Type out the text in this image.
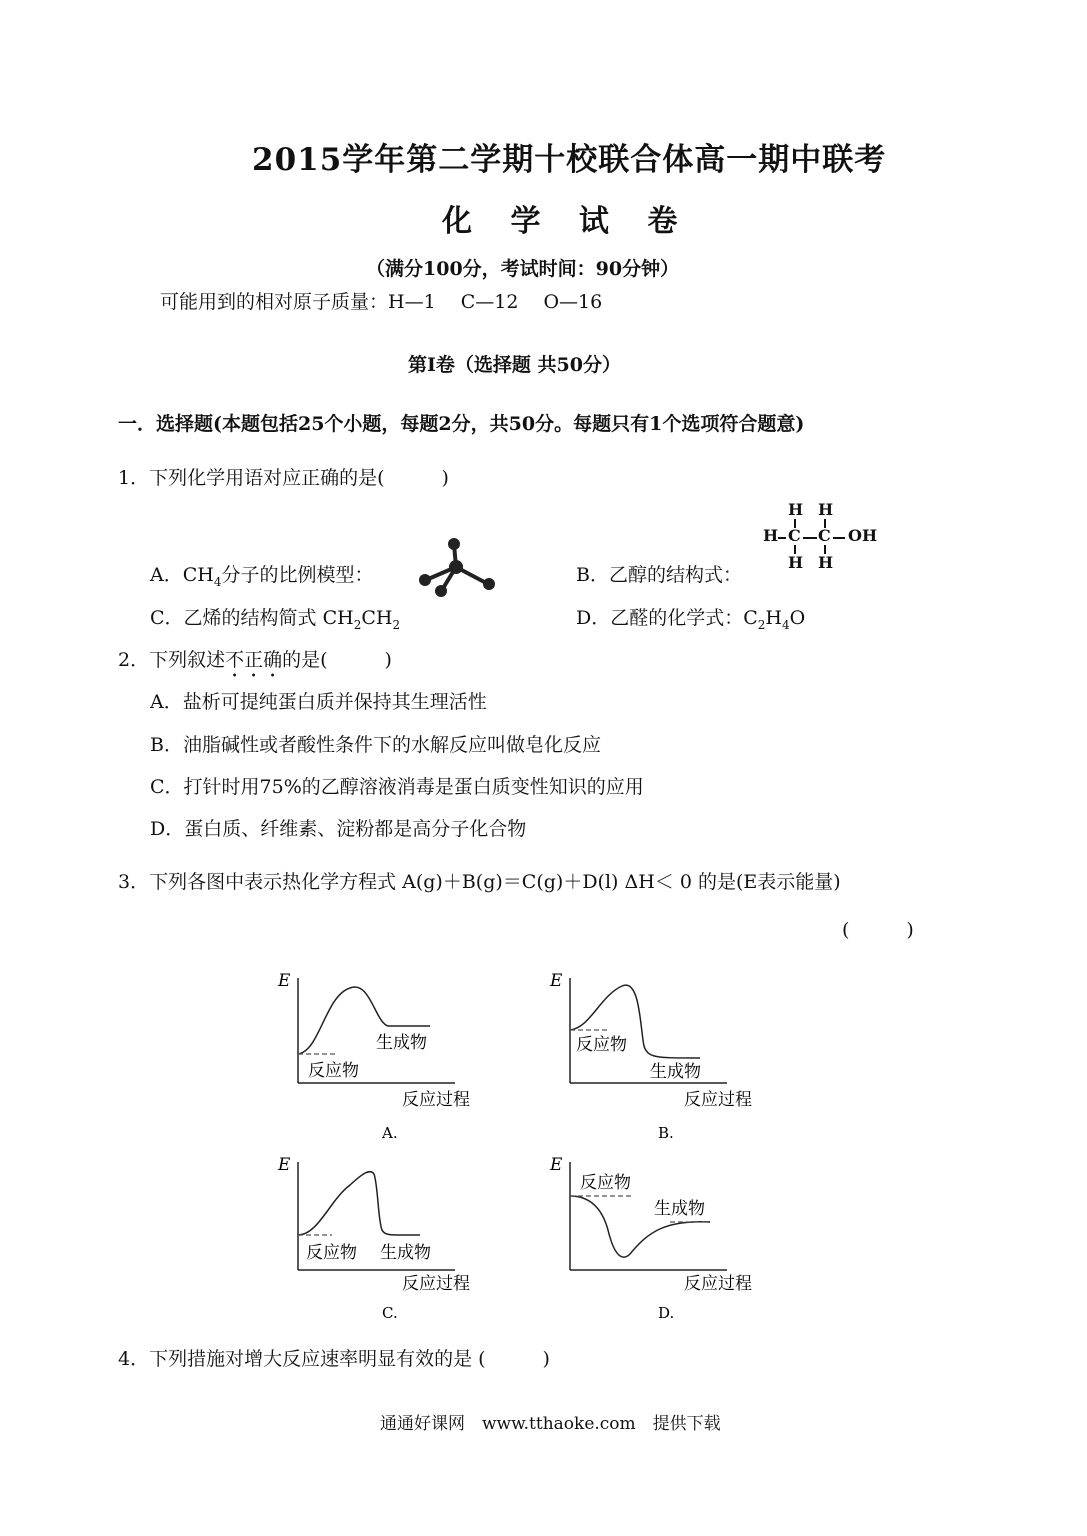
2015学年第二学期十校联合体高一期中联考
化 学 试 卷
（满分100分，考试时间：90分钟）
可能用到的相对原子质量：H—1　 C—12　 O—16
第Ⅰ卷（选择题 共50分）
一．选择题(本题包括25个小题，每题2分，共50分。每题只有1个选项符合题意)
1．下列化学用语对应正确的是(　　　)
A．$CH_4$分子的比例模型：	B．乙醇的结构式：
H H
H C C OH
H H
C．乙烯的结构简式 $CH_2CH_2$	D．乙醛的化学式：$C_2H_4O$
2．下列叙述不正确的是(　　　)
A．盐析可提纯蛋白质并保持其生理活性
B．油脂碱性或者酸性条件下的水解反应叫做皂化反应
C．打针时用75%的乙醇溶液消毒是蛋白质变性知识的应用
D．蛋白质、纤维素、淀粉都是高分子化合物
3．下列各图中表示热化学方程式 A(g)＋B(g)＝C(g)＋D(l) ΔH＜ 0 的是(E表示能量)
(　　　)
E
生成物
反应物
反应过程
A.
E
反应物
生成物
反应过程
B.
E
反应物 生成物
反应过程
C.
E
反应物
生成物
反应过程
D.
4．下列措施对增大反应速率明显有效的是 (　　　)
通通好课网　www.tthaoke.com　提供下载
